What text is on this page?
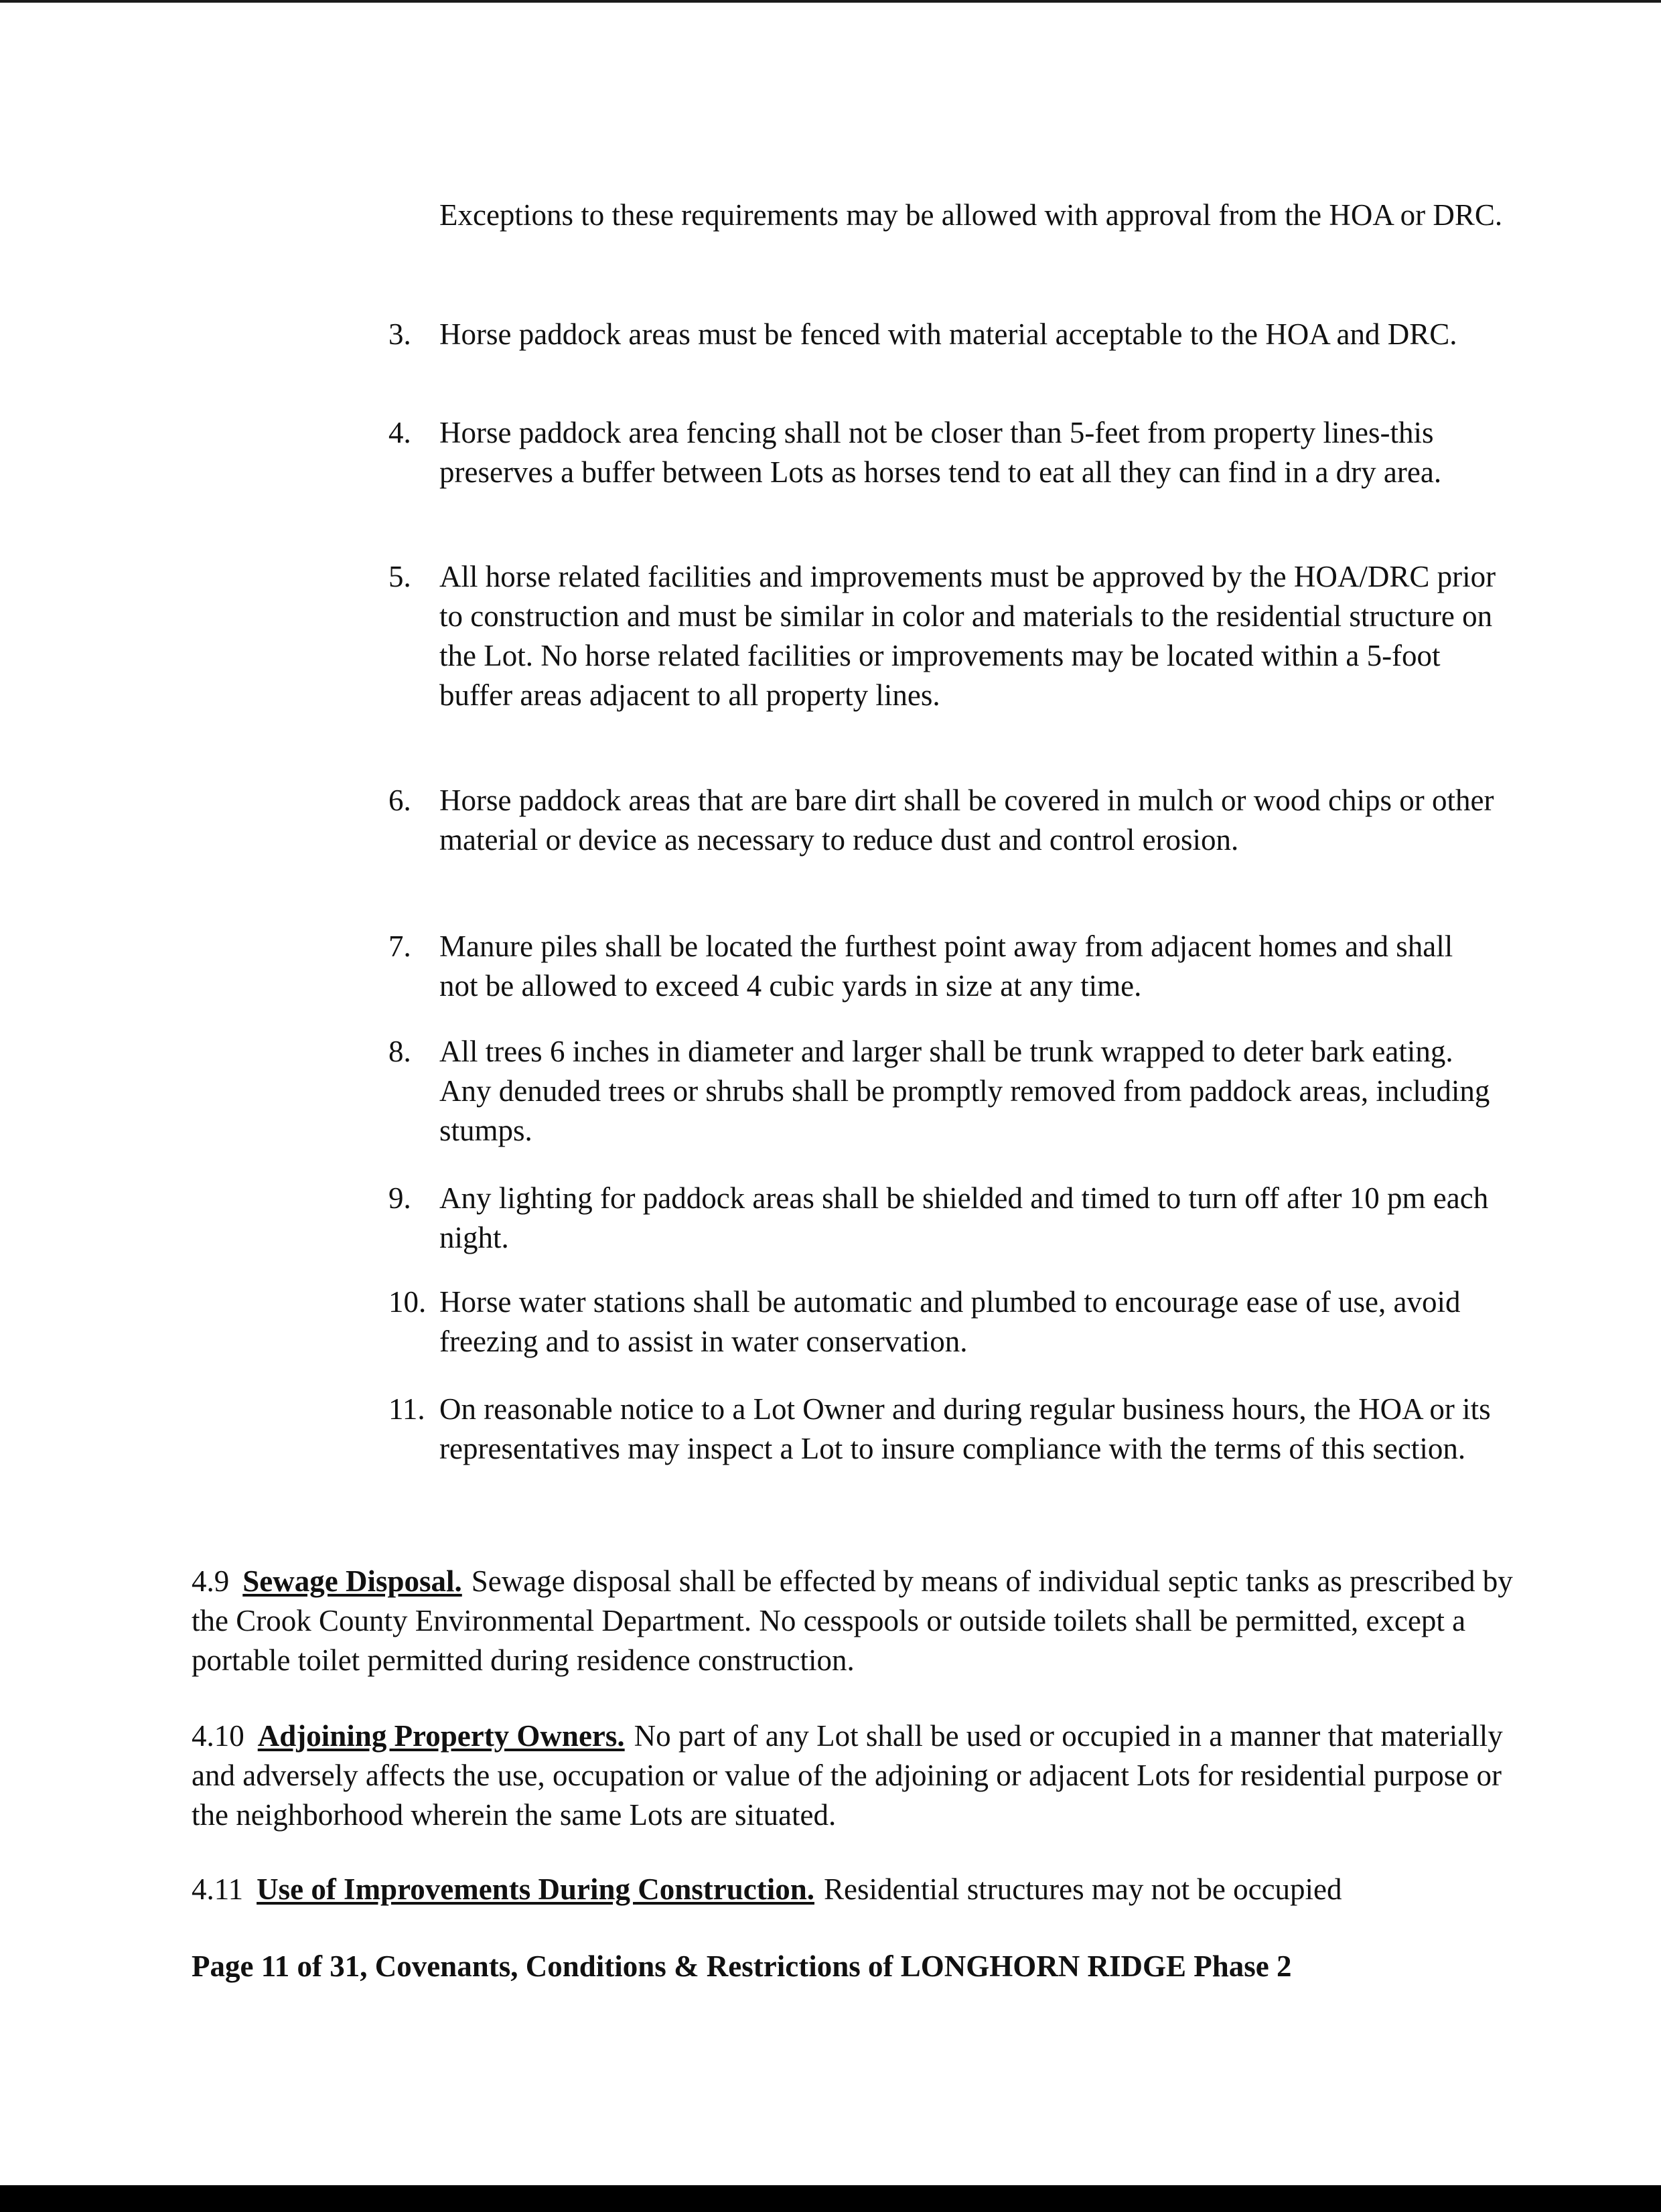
Exceptions to these requirements may be allowed with approval from the HOA or DRC.
3. Horse paddock areas must be fenced with material acceptable to the HOA and DRC.
4. Horse paddock area fencing shall not be closer than 5-feet from property lines-this preserves a buffer between Lots as horses tend to eat all they can find in a dry area.
5. All horse related facilities and improvements must be approved by the HOA/DRC prior to construction and must be similar in color and materials to the residential structure on the Lot. No horse related facilities or improvements may be located within a 5-foot buffer areas adjacent to all property lines.
6. Horse paddock areas that are bare dirt shall be covered in mulch or wood chips or other material or device as necessary to reduce dust and control erosion.
7. Manure piles shall be located the furthest point away from adjacent homes and shall not be allowed to exceed 4 cubic yards in size at any time.
8. All trees 6 inches in diameter and larger shall be trunk wrapped to deter bark eating. Any denuded trees or shrubs shall be promptly removed from paddock areas, including stumps.
9. Any lighting for paddock areas shall be shielded and timed to turn off after 10 pm each night.
10. Horse water stations shall be automatic and plumbed to encourage ease of use, avoid freezing and to assist in water conservation.
11. On reasonable notice to a Lot Owner and during regular business hours, the HOA or its representatives may inspect a Lot to insure compliance with the terms of this section.
4.9 Sewage Disposal. Sewage disposal shall be effected by means of individual septic tanks as prescribed by the Crook County Environmental Department. No cesspools or outside toilets shall be permitted, except a portable toilet permitted during residence construction.
4.10 Adjoining Property Owners. No part of any Lot shall be used or occupied in a manner that materially and adversely affects the use, occupation or value of the adjoining or adjacent Lots for residential purpose or the neighborhood wherein the same Lots are situated.
4.11 Use of Improvements During Construction. Residential structures may not be occupied
Page 11 of 31, Covenants, Conditions & Restrictions of LONGHORN RIDGE Phase 2
